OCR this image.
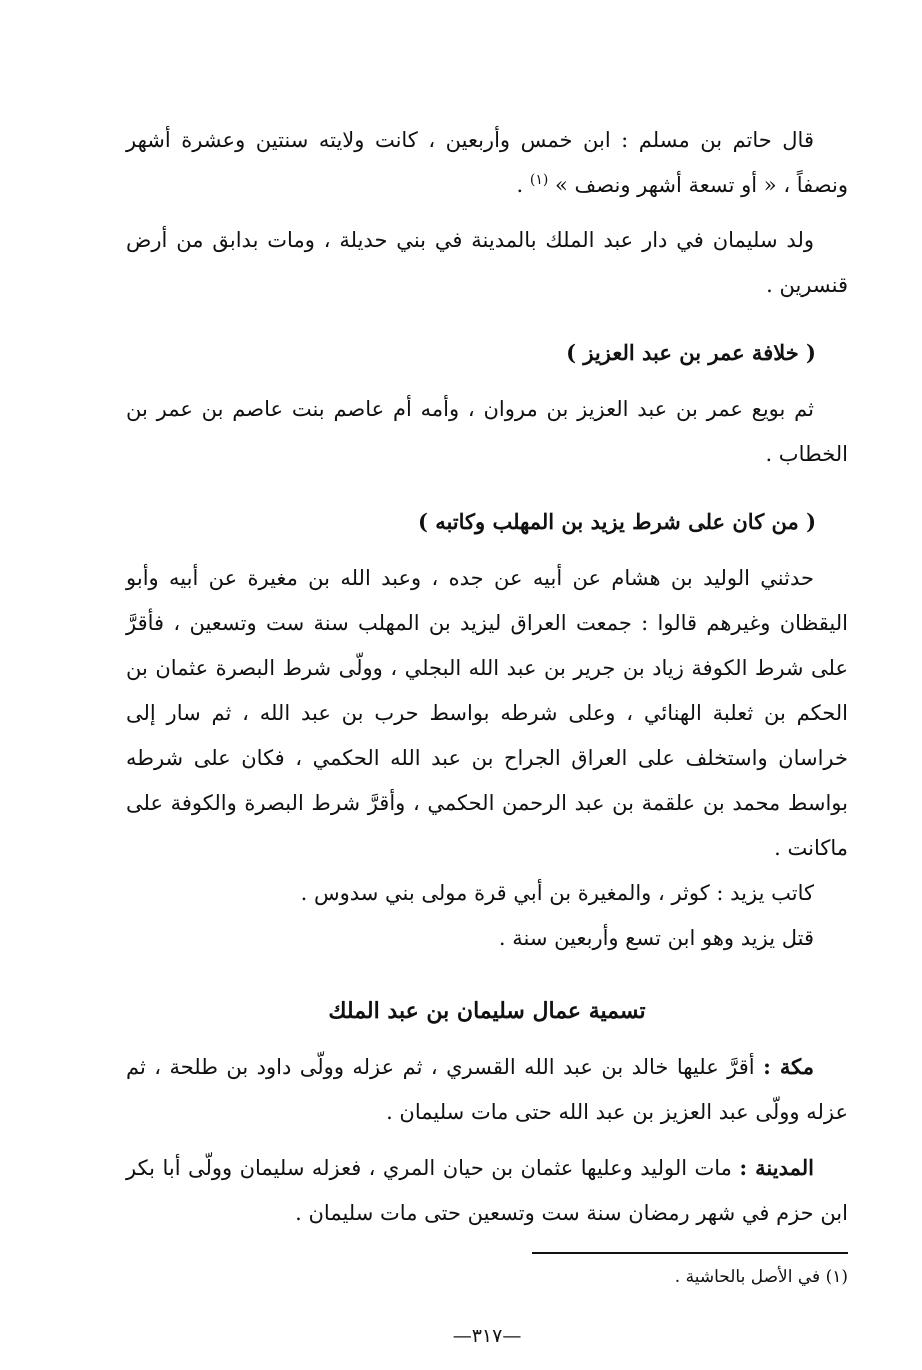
قال حاتم بن مسلم : ابن خمس وأربعين ، كانت ولايته سنتين وعشرة أشهر ونصفاً ، « أو تسعة أشهر ونصف » $^{(١)}$ .

ولد سليمان في دار عبد الملك بالمدينة في بني حديلة ، ومات بدابق من أرض قنسرين .

( خلافة عمر بن عبد العزيز )

ثم بويع عمر بن عبد العزيز بن مروان ، وأمه أم عاصم بنت عاصم بن عمر بن الخطاب .

( من كان على شرط يزيد بن المهلب وكاتبه )

حدثني الوليد بن هشام عن أبيه عن جده ، وعبد الله بن مغيرة عن أبيه وأبو اليقظان وغيرهم قالوا : جمعت العراق ليزيد بن المهلب سنة ست وتسعين ، فأقرَّ على شرط الكوفة زياد بن جرير بن عبد الله البجلي ، وولّى شرط البصرة عثمان بن الحكم بن ثعلبة الهنائي ، وعلى شرطه بواسط حرب بن عبد الله ، ثم سار إلى خراسان واستخلف على العراق الجراح بن عبد الله الحكمي ، فكان على شرطه بواسط محمد بن علقمة بن عبد الرحمن الحكمي ، وأقرَّ شرط البصرة والكوفة على ماكانت .

كاتب يزيد : كوثر ، والمغيرة بن أبي قرة مولى بني سدوس .

قتل يزيد وهو ابن تسع وأربعين سنة .

تسمية عمال سليمان بن عبد الملك

مكة : أقرَّ عليها خالد بن عبد الله القسري ، ثم عزله وولّى داود بن طلحة ، ثم عزله وولّى عبد العزيز بن عبد الله حتى مات سليمان .

المدينة : مات الوليد وعليها عثمان بن حيان المري ، فعزله سليمان وولّى أبا بكر ابن حزم في شهر رمضان سنة ست وتسعين حتى مات سليمان .

(١) في الأصل بالحاشية .

—٣١٧—
